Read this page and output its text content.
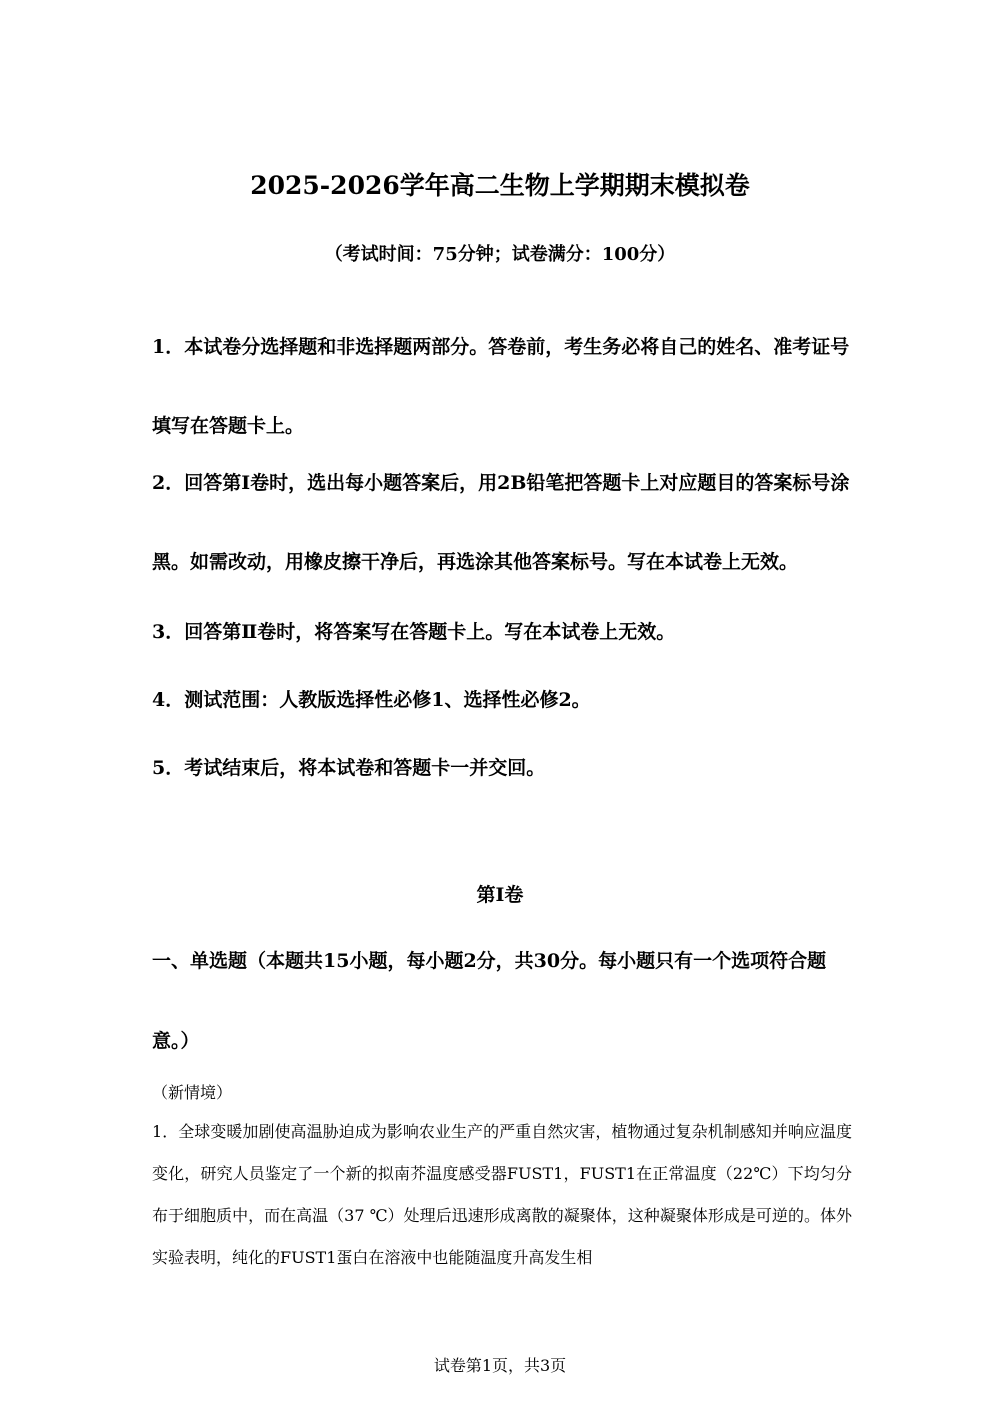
2025-2026学年高二生物上学期期末模拟卷
（考试时间：75分钟；试卷满分：100分）

1．本试卷分选择题和非选择题两部分。答卷前，考生务必将自己的姓名、准考证号填写在答题卡上。

2．回答第Ⅰ卷时，选出每小题答案后，用2B铅笔把答题卡上对应题目的答案标号涂黑。如需改动，用橡皮擦干净后，再选涂其他答案标号。写在本试卷上无效。

3．回答第Ⅱ卷时，将答案写在答题卡上。写在本试卷上无效。

4．测试范围：人教版选择性必修1、选择性必修2。

5．考试结束后，将本试卷和答题卡一并交回。

第Ⅰ卷
一、单选题（本题共15小题，每小题2分，共30分。每小题只有一个选项符合题意。）
（新情境）
1．全球变暖加剧使高温胁迫成为影响农业生产的严重自然灾害，植物通过复杂机制感知并响应温度变化，研究人员鉴定了一个新的拟南芥温度感受器FUST1，FUST1在正常温度（22℃）下均匀分布于细胞质中，而在高温（37 ℃）处理后迅速形成离散的凝聚体，这种凝聚体形成是可逆的。体外实验表明，纯化的FUST1蛋白在溶液中也能随温度升高发生相
试卷第1页，共3页
